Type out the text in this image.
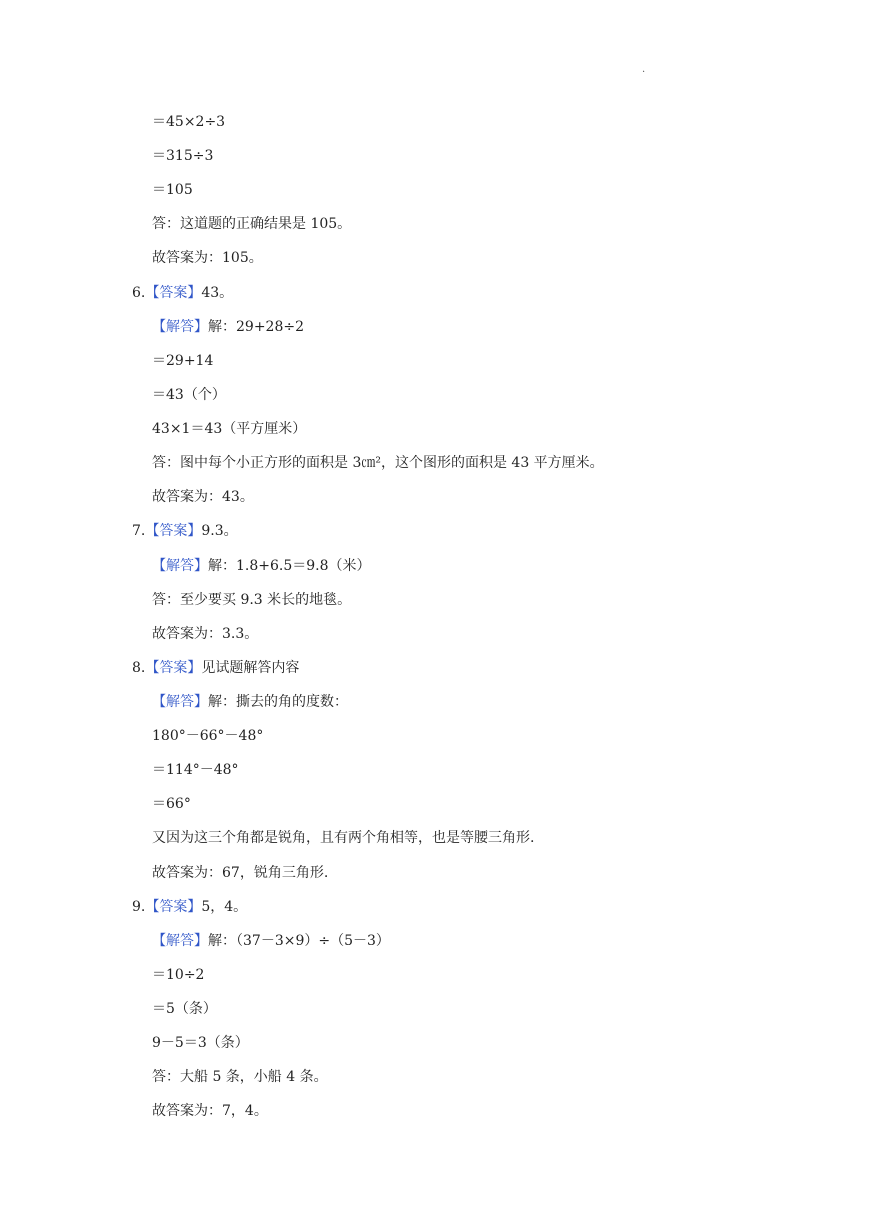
.
＝45×2÷3
＝315÷3
＝105
答：这道题的正确结果是 105。
故答案为：105。
6.【答案】43。
【解答】解：29+28÷2
＝29+14
＝43（个）
43×1＝43（平方厘米）
答：图中每个小正方形的面积是 3㎝²，这个图形的面积是 43 平方厘米。
故答案为：43。
7.【答案】9.3。
【解答】解：1.8+6.5＝9.8（米）
答：至少要买 9.3 米长的地毯。
故答案为：3.3。
8.【答案】见试题解答内容
【解答】解：撕去的角的度数：
180°－66°－48°
＝114°－48°
＝66°
又因为这三个角都是锐角，且有两个角相等，也是等腰三角形.
故答案为：67，锐角三角形.
9.【答案】5，4。
【解答】解：（37－3×9）÷（5－3）
＝10÷2
＝5（条）
9－5＝3（条）
答：大船 5 条，小船 4 条。
故答案为：7，4。
